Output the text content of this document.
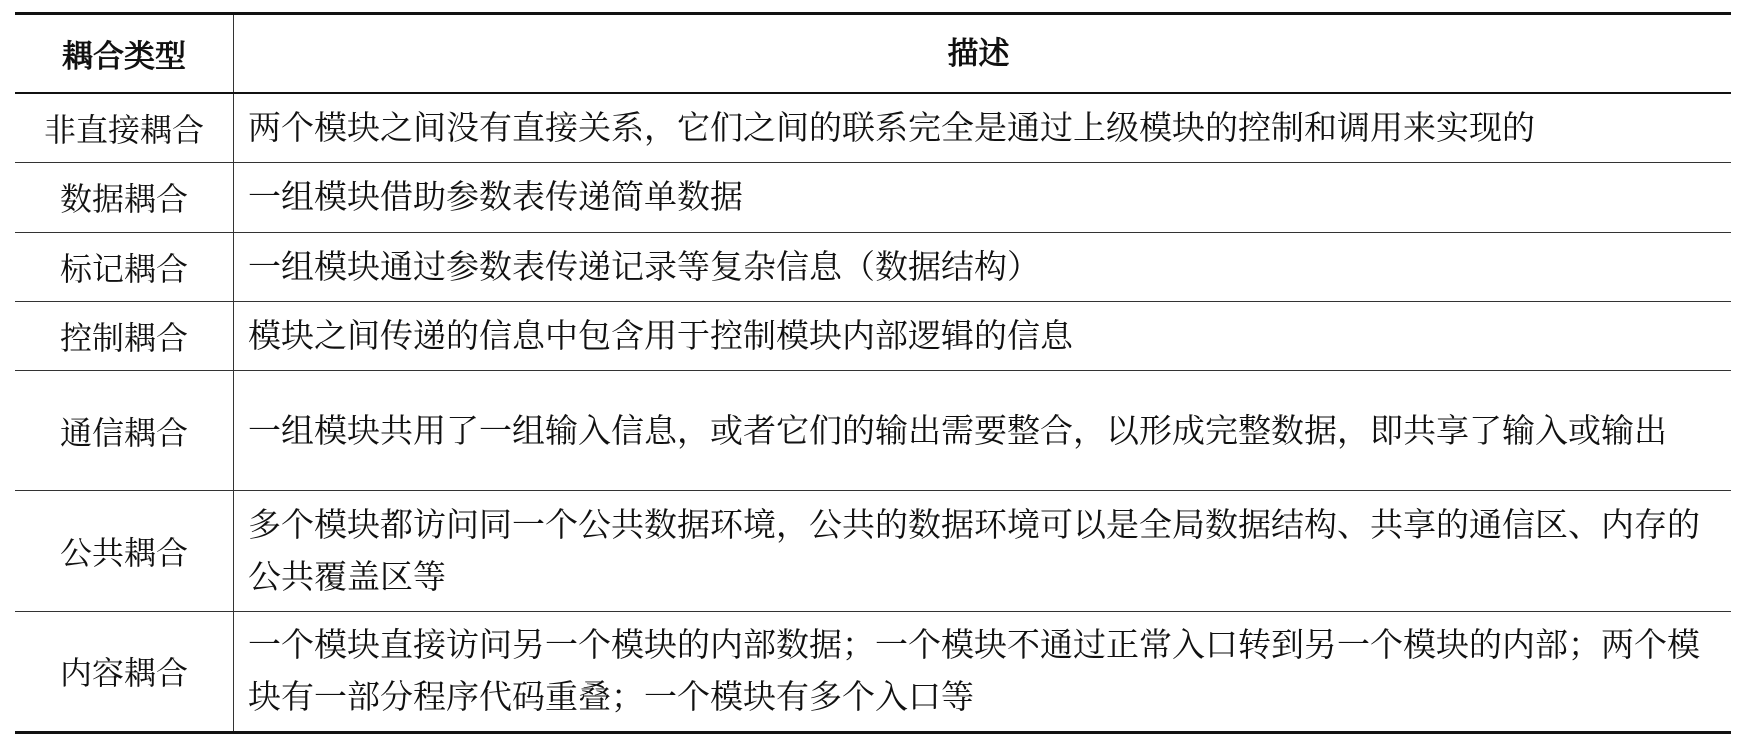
耦合类型	描述
非直接耦合	两个模块之间没有直接关系，它们之间的联系完全是通过上级模块的控制和调用来实现的
数据耦合	一组模块借助参数表传递简单数据
标记耦合	一组模块通过参数表传递记录等复杂信息（数据结构）
控制耦合	模块之间传递的信息中包含用于控制模块内部逻辑的信息
通信耦合	一组模块共用了一组输入信息，或者它们的输出需要整合，以形成完整数据，即共享了输入或输出
公共耦合	多个模块都访问同一个公共数据环境，公共的数据环境可以是全局数据结构、共享的通信区、内存的公共覆盖区等
内容耦合	一个模块直接访问另一个模块的内部数据；一个模块不通过正常入口转到另一个模块的内部；两个模块有一部分程序代码重叠；一个模块有多个入口等
